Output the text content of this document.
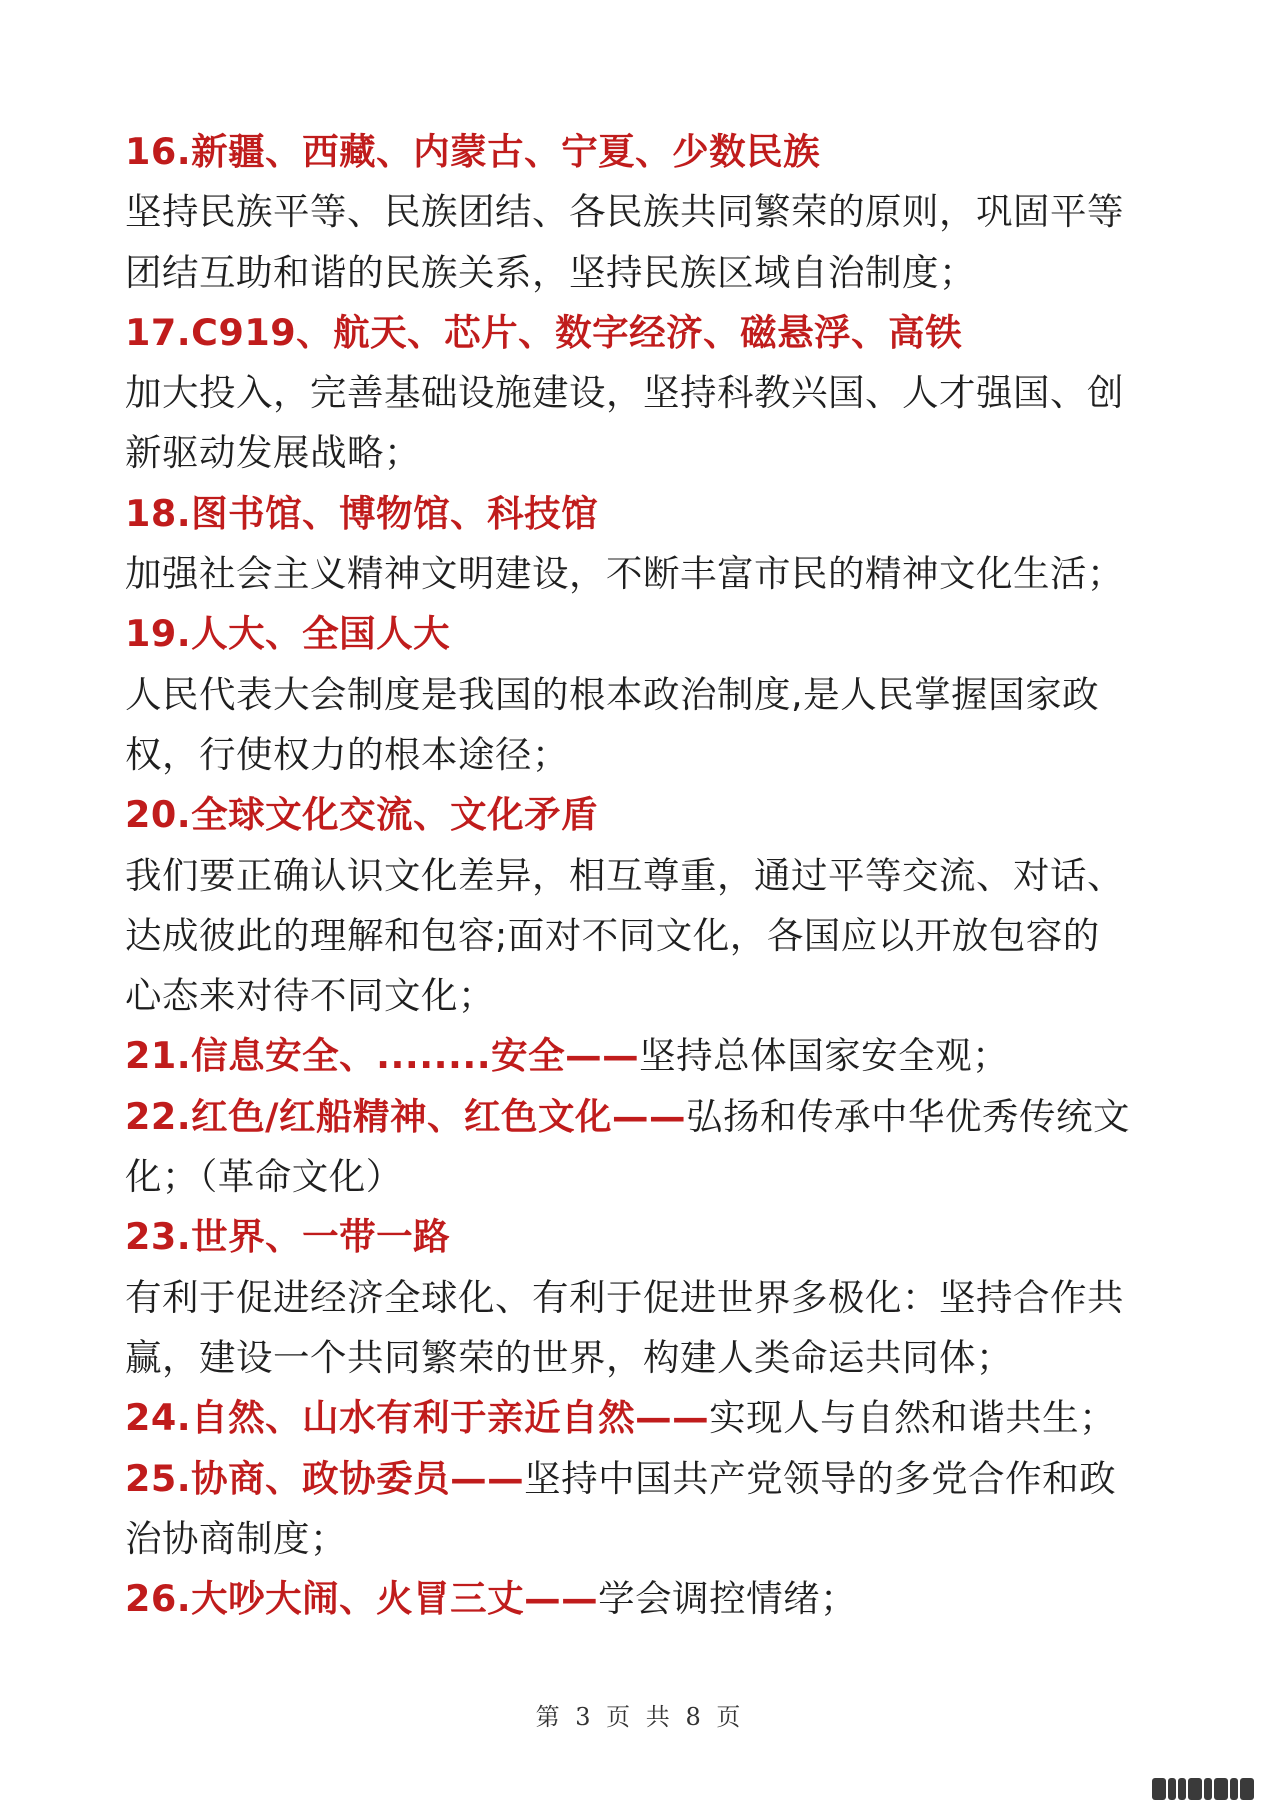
16.新疆、西藏、内蒙古、宁夏、少数民族
坚持民族平等、民族团结、各民族共同繁荣的原则，巩固平等
团结互助和谐的民族关系，坚持民族区域自治制度；
17.C919、航天、芯片、数字经济、磁悬浮、高铁
加大投入，完善基础设施建设，坚持科教兴国、人才强国、创
新驱动发展战略；
18.图书馆、博物馆、科技馆
加强社会主义精神文明建设，不断丰富市民的精神文化生活；
19.人大、全国人大
人民代表大会制度是我国的根本政治制度,是人民掌握国家政
权，行使权力的根本途径；
20.全球文化交流、文化矛盾
我们要正确认识文化差异，相互尊重，通过平等交流、对话、
达成彼此的理解和包容;面对不同文化，各国应以开放包容的
心态来对待不同文化；
21.信息安全、........安全——坚持总体国家安全观；
22.红色/红船精神、红色文化——弘扬和传承中华优秀传统文
化；（革命文化）
23.世界、一带一路
有利于促进经济全球化、有利于促进世界多极化：坚持合作共
赢，建设一个共同繁荣的世界，构建人类命运共同体；
24.自然、山水有利于亲近自然——实现人与自然和谐共生；
25.协商、政协委员——坚持中国共产党领导的多党合作和政
治协商制度；
26.大吵大闹、火冒三丈——学会调控情绪；
第 3 页 共 8 页
